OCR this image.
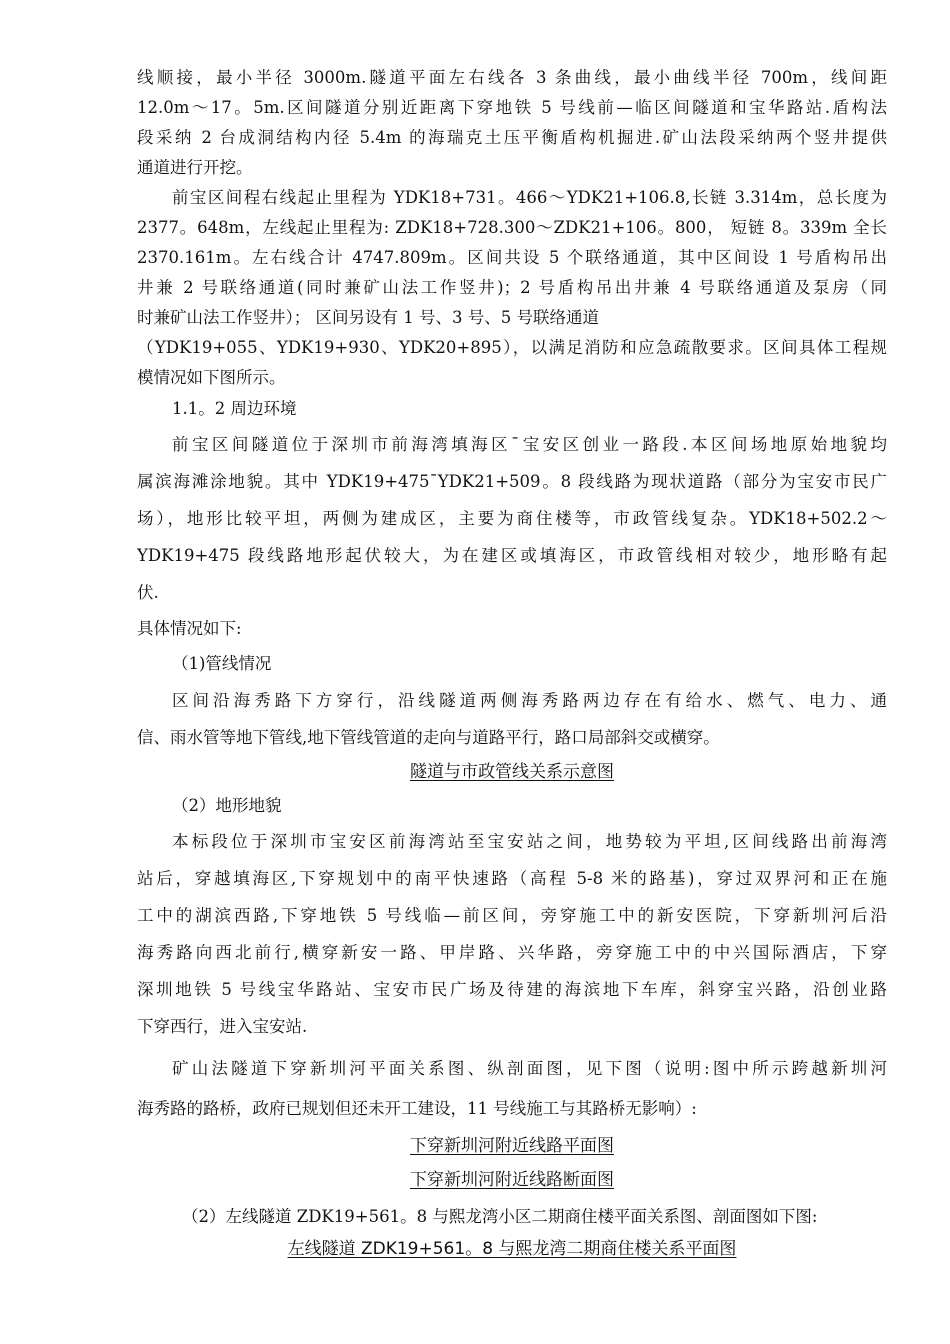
线顺接，最小半径 3000m.隧道平面左右线各 3 条曲线，最小曲线半径 700m，线间距
12.0m～17。5m.区间隧道分别近距离下穿地铁 5 号线前—临区间隧道和宝华路站.盾构法
段采纳 2 台成洞结构内径 5.4m 的海瑞克土压平衡盾构机掘进.矿山法段采纳两个竖井提供
通道进行开挖。
前宝区间程右线起止里程为 YDK18+731。466～YDK21+106.8,长链 3.314m，总长度为
2377。648m，左线起止里程为: ZDK18+728.300～ZDK21+106。800， 短链 8。339m 全长
2370.161m。左右线合计 4747.809m。区间共设 5 个联络通道，其中区间设 1 号盾构吊出
井兼 2 号联络通道(同时兼矿山法工作竖井)；2 号盾构吊出井兼 4 号联络通道及泵房（同
时兼矿山法工作竖井）； 区间另设有 1 号、3 号、5 号联络通道
（YDK19+055、YDK19+930、YDK20+895），以满足消防和应急疏散要求。区间具体工程规
模情况如下图所示。
1.1。2 周边环境
前宝区间隧道位于深圳市前海湾填海区¯宝安区创业一路段.本区间场地原始地貌均
属滨海滩涂地貌。其中 YDK19+475¯YDK21+509。8 段线路为现状道路（部分为宝安市民广
场），地形比较平坦，两侧为建成区，主要为商住楼等，市政管线复杂。YDK18+502.2～
YDK19+475 段线路地形起伏较大，为在建区或填海区，市政管线相对较少，地形略有起
伏.
具体情况如下:
（1)管线情况
区间沿海秀路下方穿行，沿线隧道两侧海秀路两边存在有给水、燃气、电力、通
信、雨水管等地下管线,地下管线管道的走向与道路平行，路口局部斜交或横穿。
隧道与市政管线关系示意图
（2）地形地貌
本标段位于深圳市宝安区前海湾站至宝安站之间，地势较为平坦,区间线路出前海湾
站后，穿越填海区,下穿规划中的南平快速路（高程 5-8 米的路基)，穿过双界河和正在施
工中的湖滨西路,下穿地铁 5 号线临—前区间，旁穿施工中的新安医院，下穿新圳河后沿
海秀路向西北前行,横穿新安一路、甲岸路、兴华路，旁穿施工中的中兴国际酒店，下穿
深圳地铁 5 号线宝华路站、宝安市民广场及待建的海滨地下车库，斜穿宝兴路，沿创业路
下穿西行，进入宝安站.
矿山法隧道下穿新圳河平面关系图、纵剖面图，见下图（说明:图中所示跨越新圳河
海秀路的路桥，政府已规划但还未开工建设，11 号线施工与其路桥无影响）:
下穿新圳河附近线路平面图
下穿新圳河附近线路断面图
（2）左线隧道 ZDK19+561。8 与熙龙湾小区二期商住楼平面关系图、剖面图如下图:
左线隧道 ZDK19+561。8 与熙龙湾二期商住楼关系平面图
